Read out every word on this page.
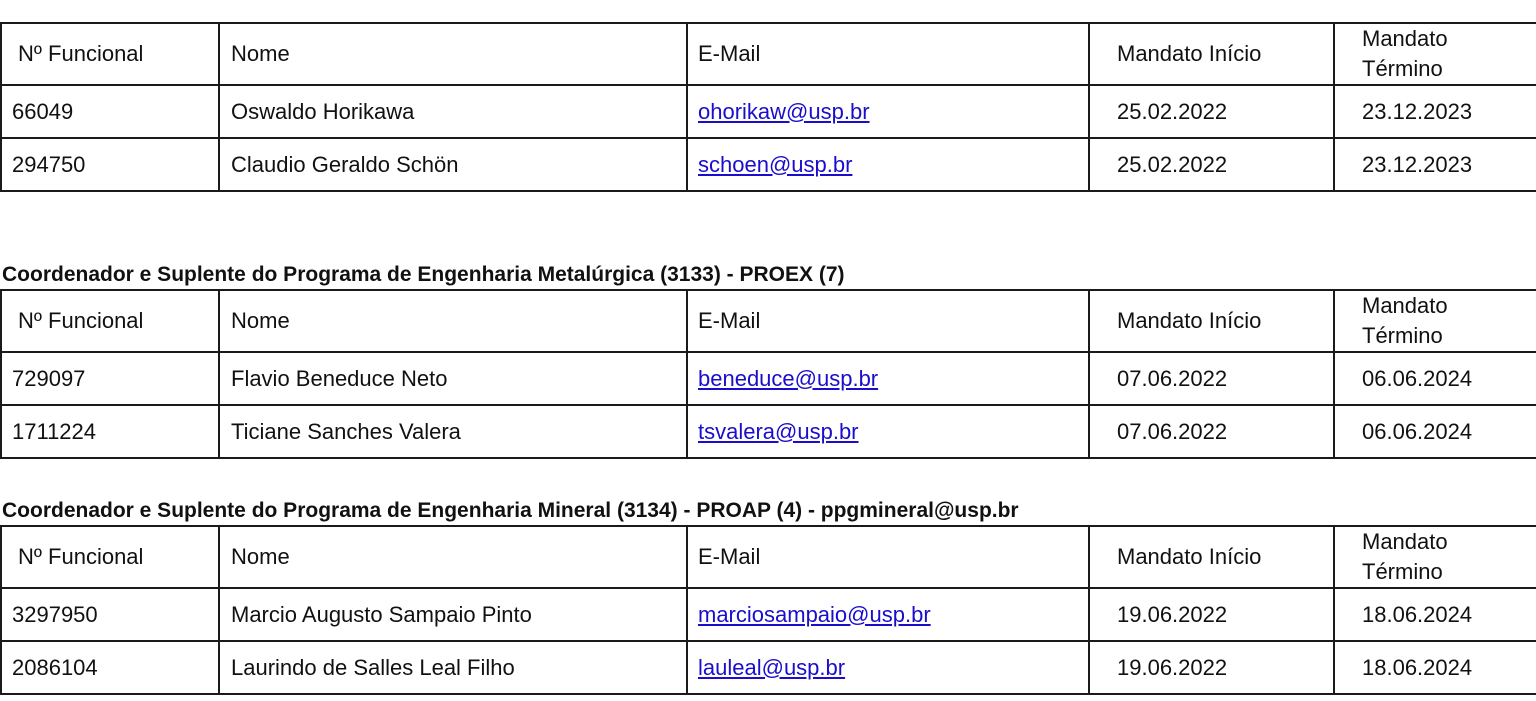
Nº Funcional	Nome	E-Mail	Mandato Início	Mandato Término
66049	Oswaldo Horikawa	ohorikaw@usp.br	25.02.2022	23.12.2023
294750	Claudio Geraldo Schön	schoen@usp.br	25.02.2022	23.12.2023
Coordenador e Suplente do Programa de Engenharia Metalúrgica (3133) - PROEX (7)
Nº Funcional	Nome	E-Mail	Mandato Início	Mandato Término
729097	Flavio Beneduce Neto	beneduce@usp.br	07.06.2022	06.06.2024
1711224	Ticiane Sanches Valera	tsvalera@usp.br	07.06.2022	06.06.2024
Coordenador e Suplente do Programa de Engenharia Mineral (3134) - PROAP (4) - ppgmineral@usp.br
Nº Funcional	Nome	E-Mail	Mandato Início	Mandato Término
3297950	Marcio Augusto Sampaio Pinto	marciosampaio@usp.br	19.06.2022	18.06.2024
2086104	Laurindo de Salles Leal Filho	lauleal@usp.br	19.06.2022	18.06.2024
